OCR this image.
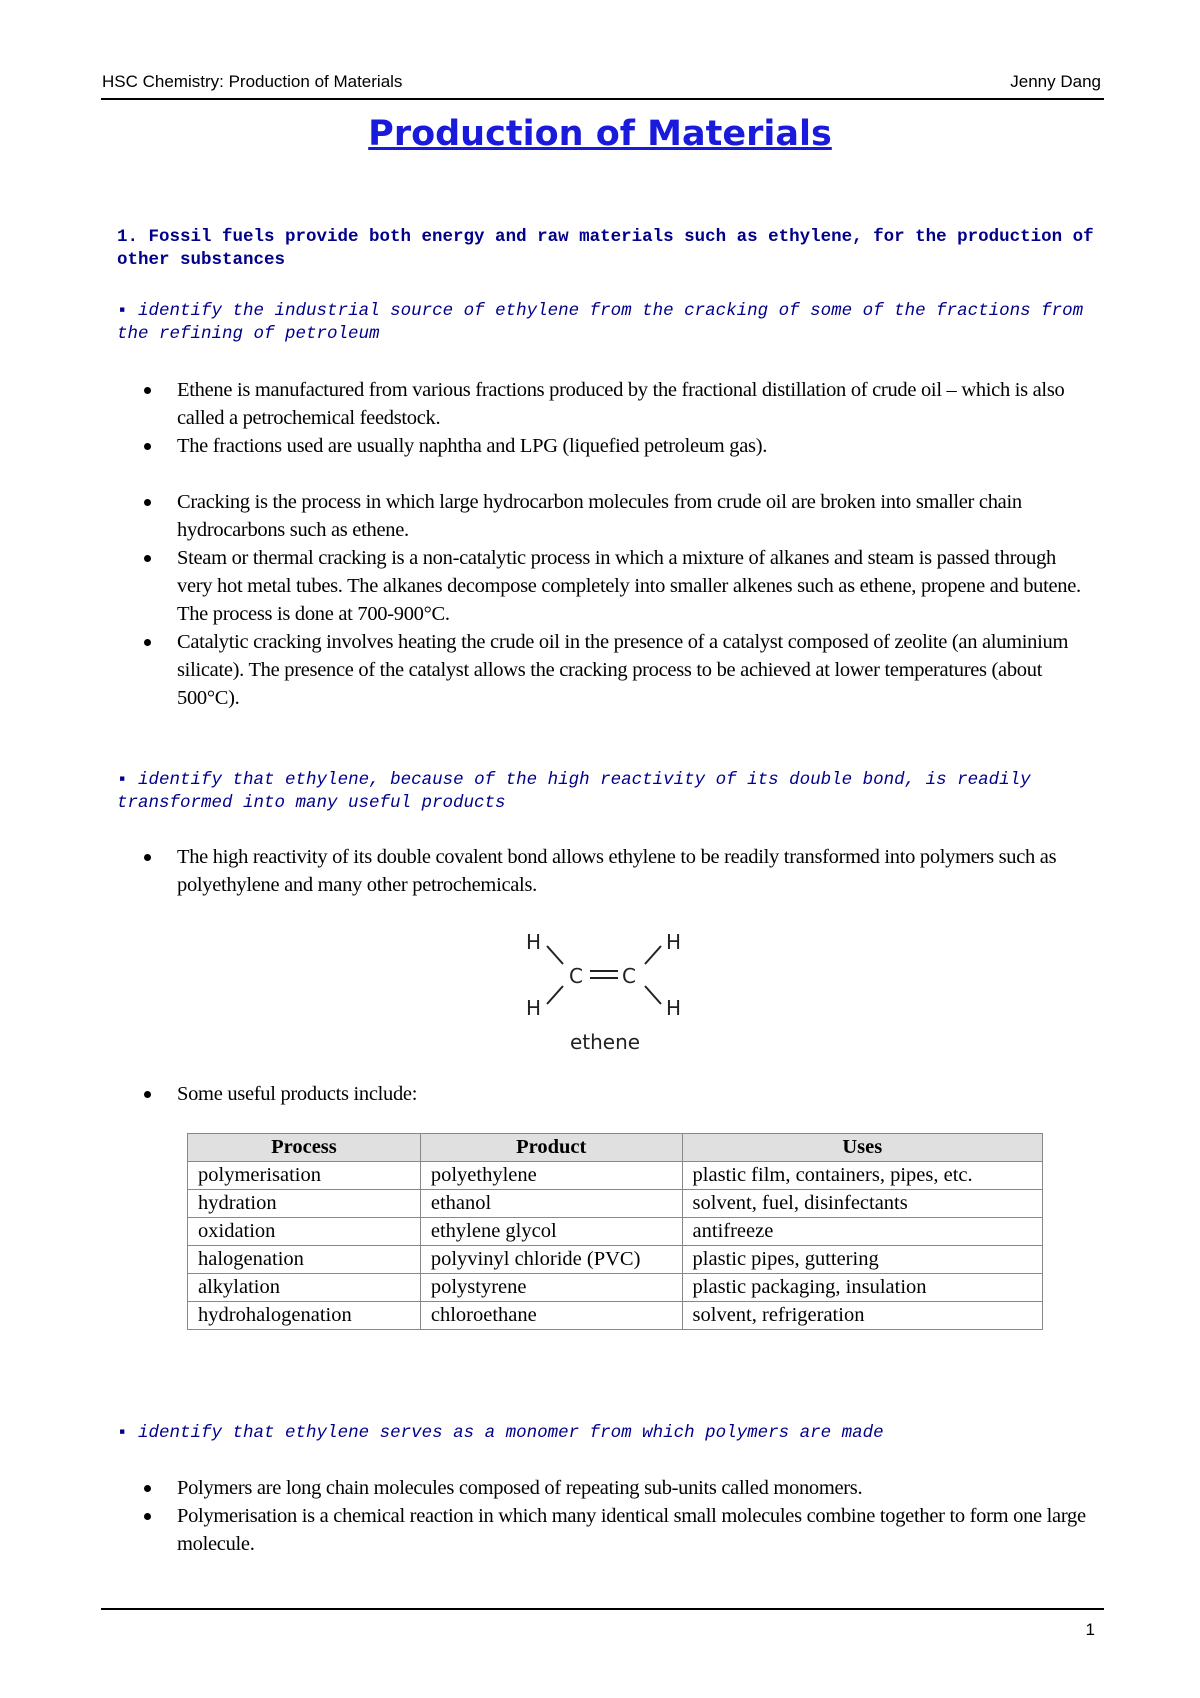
HSC Chemistry: Production of Materials	Jenny Dang
Production of Materials
1. Fossil fuels provide both energy and raw materials such as ethylene, for the production of other substances
▪ identify the industrial source of ethylene from the cracking of some of the fractions from the refining of petroleum
Ethene is manufactured from various fractions produced by the fractional distillation of crude oil – which is also called a petrochemical feedstock.
The fractions used are usually naphtha and LPG (liquefied petroleum gas).
Cracking is the process in which large hydrocarbon molecules from crude oil are broken into smaller chain hydrocarbons such as ethene.
Steam or thermal cracking is a non-catalytic process in which a mixture of alkanes and steam is passed through very hot metal tubes. The alkanes decompose completely into smaller alkenes such as ethene, propene and butene. The process is done at 700-900°C.
Catalytic cracking involves heating the crude oil in the presence of a catalyst composed of zeolite (an aluminium silicate). The presence of the catalyst allows the cracking process to be achieved at lower temperatures (about 500°C).
▪ identify that ethylene, because of the high reactivity of its double bond, is readily transformed into many useful products
The high reactivity of its double covalent bond allows ethylene to be readily transformed into polymers such as polyethylene and many other petrochemicals.
H	H
H	H
C C
ethene
Some useful products include:
Process	Product	Uses
polymerisation	polyethylene	plastic film, containers, pipes, etc.
hydration	ethanol	solvent, fuel, disinfectants
oxidation	ethylene glycol	antifreeze
halogenation	polyvinyl chloride (PVC)	plastic pipes, guttering
alkylation	polystyrene	plastic packaging, insulation
hydrohalogenation	chloroethane	solvent, refrigeration
▪ identify that ethylene serves as a monomer from which polymers are made
Polymers are long chain molecules composed of repeating sub-units called monomers.
Polymerisation is a chemical reaction in which many identical small molecules combine together to form one large molecule.
1
